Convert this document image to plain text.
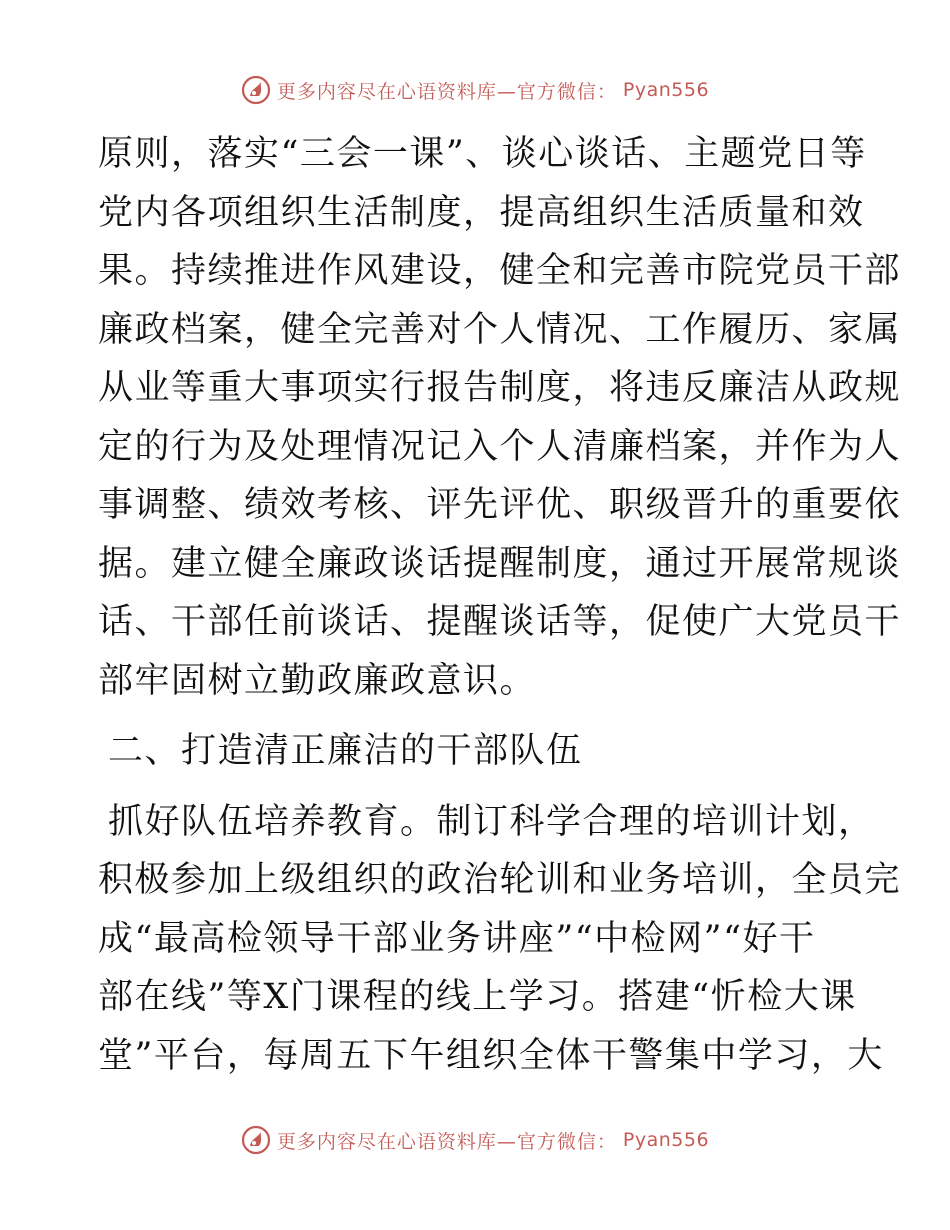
更多内容尽在心语资料库—官方微信： Pyan556

原则，落实“三会一课”、谈心谈话、主题党日等
党内各项组织生活制度，提高组织生活质量和效
果。持续推进作风建设，健全和完善市院党员干部
廉政档案，健全完善对个人情况、工作履历、家属
从业等重大事项实行报告制度，将违反廉洁从政规
定的行为及处理情况记入个人清廉档案，并作为人
事调整、绩效考核、评先评优、职级晋升的重要依
据。建立健全廉政谈话提醒制度，通过开展常规谈
话、干部任前谈话、提醒谈话等，促使广大党员干
部牢固树立勤政廉政意识。

二、打造清正廉洁的干部队伍

抓好队伍培养教育。制订科学合理的培训计划，
积极参加上级组织的政治轮训和业务培训，全员完
成“最高检领导干部业务讲座”“中检网”“好干
部在线”等X门课程的线上学习。搭建“忻检大课
堂”平台，每周五下午组织全体干警集中学习，大

更多内容尽在心语资料库—官方微信： Pyan556
